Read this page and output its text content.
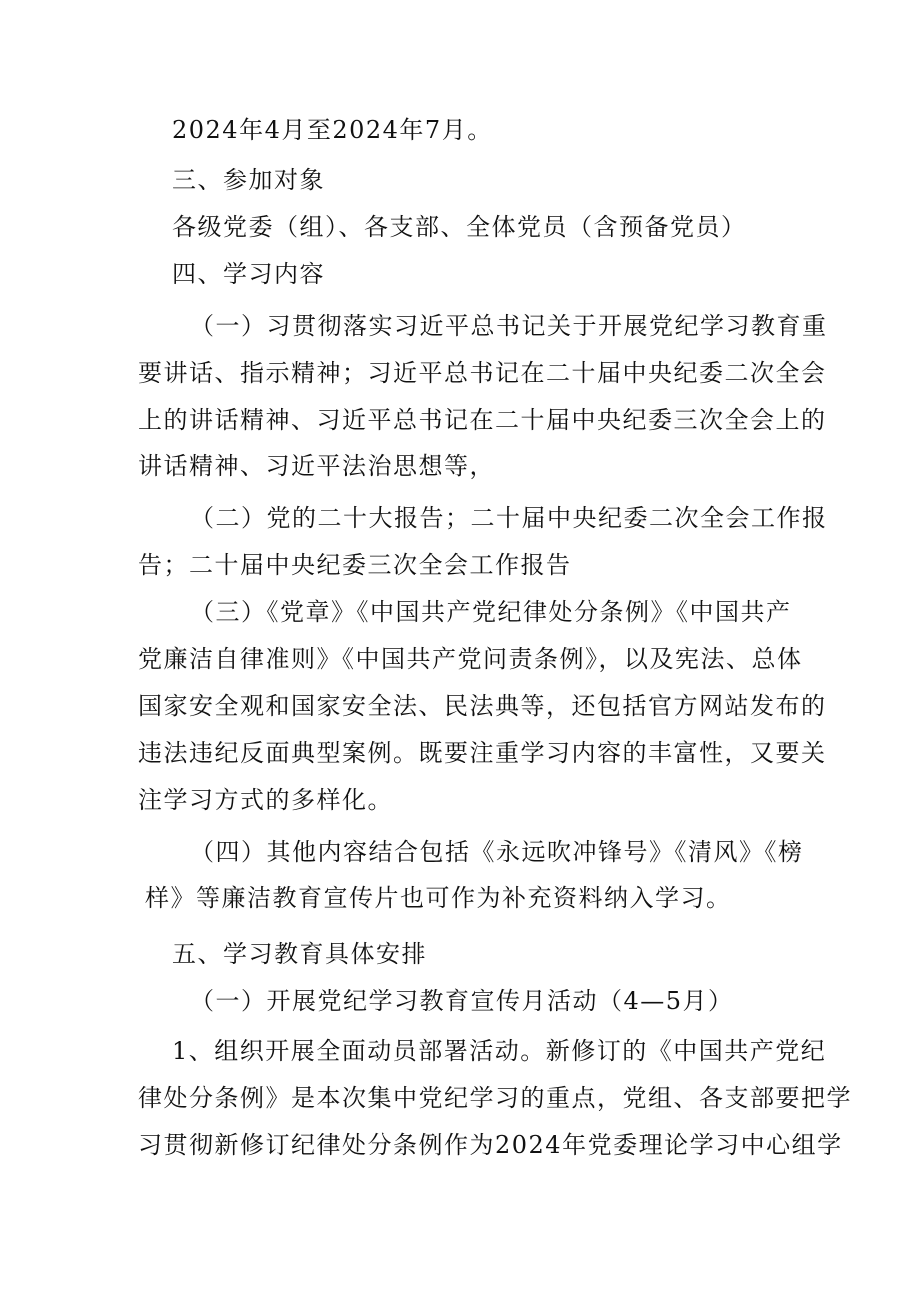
2024年4月至2024年7月。
三、参加对象
各级党委（组）、各支部、全体党员（含预备党员）
四、学习内容
（一）习贯彻落实习近平总书记关于开展党纪学习教育重
要讲话、指示精神；习近平总书记在二十届中央纪委二次全会
上的讲话精神、习近平总书记在二十届中央纪委三次全会上的
讲话精神、习近平法治思想等，
（二）党的二十大报告；二十届中央纪委二次全会工作报
告；二十届中央纪委三次全会工作报告
（三）《党章》《中国共产党纪律处分条例》《中国共产
党廉洁自律准则》《中国共产党问责条例》，以及宪法、总体
国家安全观和国家安全法、民法典等，还包括官方网站发布的
违法违纪反面典型案例。既要注重学习内容的丰富性，又要关
注学习方式的多样化。
（四）其他内容结合包括《永远吹冲锋号》《清风》《榜
样》等廉洁教育宣传片也可作为补充资料纳入学习。
五、学习教育具体安排
（一）开展党纪学习教育宣传月活动（4—5月）
1、组织开展全面动员部署活动。新修订的《中国共产党纪
律处分条例》是本次集中党纪学习的重点，党组、各支部要把学
习贯彻新修订纪律处分条例作为2024年党委理论学习中心组学
